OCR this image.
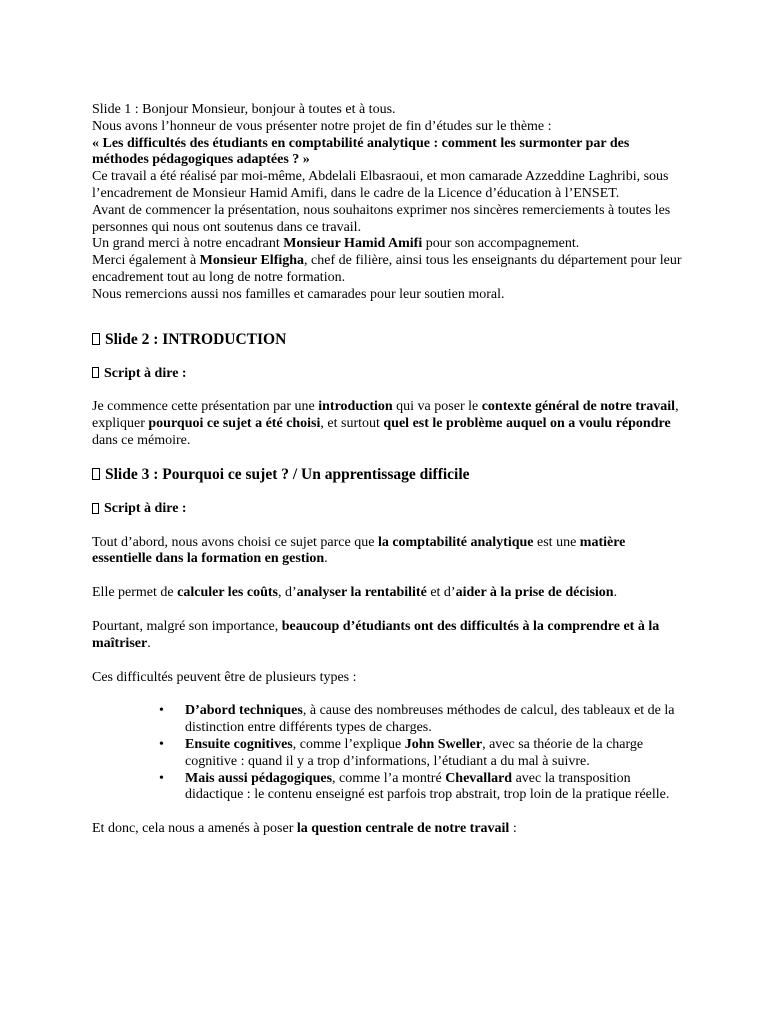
Slide 1 : Bonjour Monsieur, bonjour à toutes et à tous.

Nous avons l’honneur de vous présenter notre projet de fin d’études sur le thème :

« Les difficultés des étudiants en comptabilité analytique : comment les surmonter par des méthodes pédagogiques adaptées ? »

Ce travail a été réalisé par moi-même, Abdelali Elbasraoui, et mon camarade Azzeddine Laghribi, sous l’encadrement de Monsieur Hamid Amifi, dans le cadre de la Licence d’éducation à l’ENSET.

Avant de commencer la présentation, nous souhaitons exprimer nos sincères remerciements à toutes les personnes qui nous ont soutenus dans ce travail.

Un grand merci à notre encadrant Monsieur Hamid Amifi pour son accompagnement.

Merci également à Monsieur Elfigha, chef de filière, ainsi tous les enseignants du département pour leur encadrement tout au long de notre formation.

Nous remercions aussi nos familles et camarades pour leur soutien moral.

Slide 2 : INTRODUCTION

Script à dire :

Je commence cette présentation par une introduction qui va poser le contexte général de notre travail, expliquer pourquoi ce sujet a été choisi, et surtout quel est le problème auquel on a voulu répondre dans ce mémoire.

Slide 3 : Pourquoi ce sujet ? / Un apprentissage difficile

Script à dire :

Tout d’abord, nous avons choisi ce sujet parce que la comptabilité analytique est une matière essentielle dans la formation en gestion.

Elle permet de calculer les coûts, d’analyser la rentabilité et d’aider à la prise de décision.

Pourtant, malgré son importance, beaucoup d’étudiants ont des difficultés à la comprendre et à la maîtriser.

Ces difficultés peuvent être de plusieurs types :

• D’abord techniques, à cause des nombreuses méthodes de calcul, des tableaux et de la distinction entre différents types de charges.
• Ensuite cognitives, comme l’explique John Sweller, avec sa théorie de la charge cognitive : quand il y a trop d’informations, l’étudiant a du mal à suivre.
• Mais aussi pédagogiques, comme l’a montré Chevallard avec la transposition didactique : le contenu enseigné est parfois trop abstrait, trop loin de la pratique réelle.

Et donc, cela nous a amenés à poser la question centrale de notre travail :
